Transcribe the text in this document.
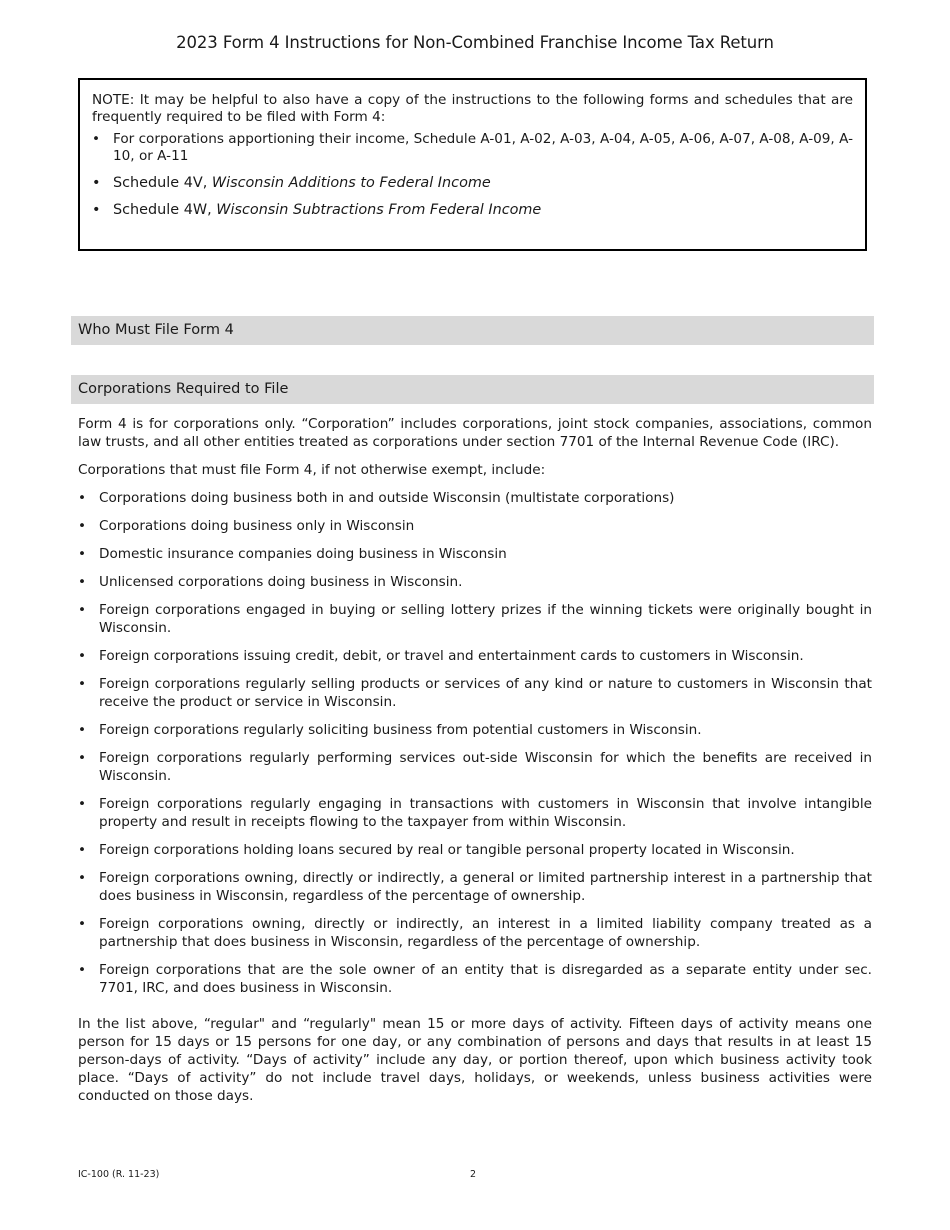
2023 Form 4 Instructions for Non-Combined Franchise Income Tax Return

NOTE: It may be helpful to also have a copy of the instructions to the following forms and schedules that are frequently required to be filed with Form 4:

• For corporations apportioning their income, Schedule A-01, A-02, A-03, A-04, A-05, A-06, A-07, A-08, A-09, A-10, or A-11
• Schedule 4V, Wisconsin Additions to Federal Income
• Schedule 4W, Wisconsin Subtractions From Federal Income
Who Must File Form 4
Corporations Required to File

Form 4 is for corporations only. “Corporation” includes corporations, joint stock companies, associations, common law trusts, and all other entities treated as corporations under section 7701 of the Internal Revenue Code (IRC).

Corporations that must file Form 4, if not otherwise exempt, include:

• Corporations doing business both in and outside Wisconsin (multistate corporations)
• Corporations doing business only in Wisconsin
• Domestic insurance companies doing business in Wisconsin
• Unlicensed corporations doing business in Wisconsin.
• Foreign corporations engaged in buying or selling lottery prizes if the winning tickets were originally bought in Wisconsin.
• Foreign corporations issuing credit, debit, or travel and entertainment cards to customers in Wisconsin.
• Foreign corporations regularly selling products or services of any kind or nature to customers in Wisconsin that receive the product or service in Wisconsin.
• Foreign corporations regularly soliciting business from potential customers in Wisconsin.
• Foreign corporations regularly performing services out-side Wisconsin for which the benefits are received in Wisconsin.
• Foreign corporations regularly engaging in transactions with customers in Wisconsin that involve intangible property and result in receipts flowing to the taxpayer from within Wisconsin.
• Foreign corporations holding loans secured by real or tangible personal property located in Wisconsin.
• Foreign corporations owning, directly or indirectly, a general or limited partnership interest in a partnership that does business in Wisconsin, regardless of the percentage of ownership.
• Foreign corporations owning, directly or indirectly, an interest in a limited liability company treated as a partnership that does business in Wisconsin, regardless of the percentage of ownership.
• Foreign corporations that are the sole owner of an entity that is disregarded as a separate entity under sec. 7701, IRC, and does business in Wisconsin.

In the list above, “regular" and “regularly" mean 15 or more days of activity. Fifteen days of activity means one person for 15 days or 15 persons for one day, or any combination of persons and days that results in at least 15 person-days of activity. “Days of activity” include any day, or portion thereof, upon which business activity took place. “Days of activity” do not include travel days, holidays, or weekends, unless business activities were conducted on those days.

IC-100 (R. 11-23)	2
